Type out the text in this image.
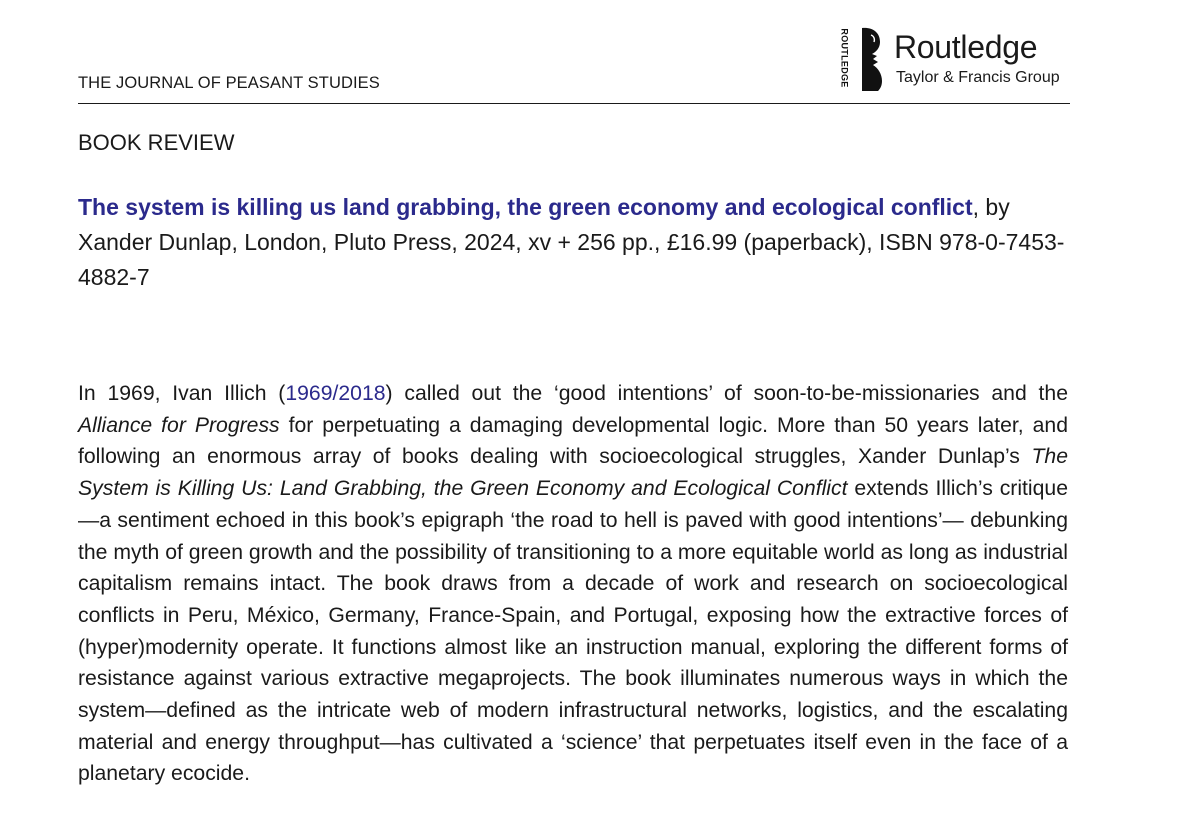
THE JOURNAL OF PEASANT STUDIES	ROUTLEDGE Routledge
Taylor & Francis Group
BOOK REVIEW
The system is killing us land grabbing, the green economy and ecological conflict, by Xander Dunlap, London, Pluto Press, 2024, xv + 256 pp., £16.99 (paperback), ISBN 978-0-7453-4882-7
In 1969, Ivan Illich (1969/2018) called out the ‘good intentions’ of soon-to-be-missionaries and the Alliance for Progress for perpetuating a damaging developmental logic. More than 50 years later, and following an enormous array of books dealing with socioecological struggles, Xander Dunlap’s The System is Killing Us: Land Grabbing, the Green Economy and Ecological Conflict extends Illich’s critique —a sentiment echoed in this book’s epigraph ‘the road to hell is paved with good intentions’— debunking the myth of green growth and the possibility of transitioning to a more equitable world as long as industrial capitalism remains intact. The book draws from a decade of work and research on socioecological conflicts in Peru, México, Germany, France-Spain, and Portugal, exposing how the extractive forces of (hyper)modernity operate. It functions almost like an instruction manual, exploring the different forms of resistance against various extractive megaprojects. The book illuminates numerous ways in which the system—defined as the intricate web of modern infrastructural networks, logistics, and the escalating material and energy throughput—has cultivated a ‘science’ that perpetuates itself even in the face of a planetary ecocide.
